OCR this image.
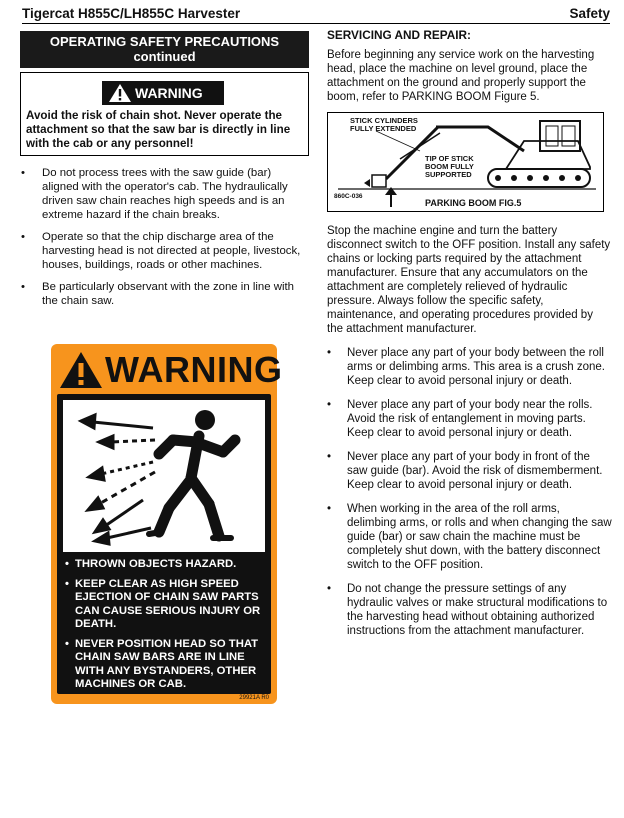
Tigercat H855C/LH855C Harvester	Safety
OPERATING SAFETY PRECAUTIONS
continued
WARNING
Avoid the risk of chain shot. Never operate the attachment so that the saw bar is directly in line with the cab or any personnel!
• Do not process trees with the saw guide (bar) aligned with the operator's cab. The hydraulically driven saw chain reaches high speeds and is an extreme hazard if the chain breaks.
• Operate so that the chip discharge area of the harvesting head is not directed at people, livestock, houses, buildings, roads or other machines.
• Be particularly observant with the zone in line with the chain saw.
WARNING
• THROWN OBJECTS HAZARD.
• KEEP CLEAR AS HIGH SPEED EJECTION OF CHAIN SAW PARTS CAN CAUSE SERIOUS INJURY OR DEATH.
• NEVER POSITION HEAD SO THAT CHAIN SAW BARS ARE IN LINE WITH ANY BYSTANDERS, OTHER MACHINES OR CAB.
29921A R0
SERVICING AND REPAIR:
Before beginning any service work on the harvesting head, place the machine on level ground, place the attachment on the ground and properly support the boom, refer to PARKING BOOM Figure 5.
STICK CYLINDERS
FULLY EXTENDED
TIP OF STICK
BOOM FULLY
SUPPORTED
860C-036
PARKING BOOM FIG.5
Stop the machine engine and turn the battery disconnect switch to the OFF position. Install any safety chains or locking parts required by the attachment manufacturer. Ensure that any accumulators on the attachment are completely relieved of hydraulic pressure. Always follow the specific safety, maintenance, and operating procedures provided by the attachment manufacturer.
• Never place any part of your body between the roll arms or delimbing arms. This area is a crush zone. Keep clear to avoid personal injury or death.
• Never place any part of your body near the rolls. Avoid the risk of entanglement in moving parts. Keep clear to avoid personal injury or death.
• Never place any part of your body in front of the saw guide (bar). Avoid the risk of dismemberment. Keep clear to avoid personal injury or death.
• When working in the area of the roll arms, delimbing arms, or rolls and when changing the saw guide (bar) or saw chain the machine must be completely shut down, with the battery disconnect switch to the OFF position.
• Do not change the pressure settings of any hydraulic valves or make structural modifications to the harvesting head without obtaining authorized instructions from the attachment manufacturer.
